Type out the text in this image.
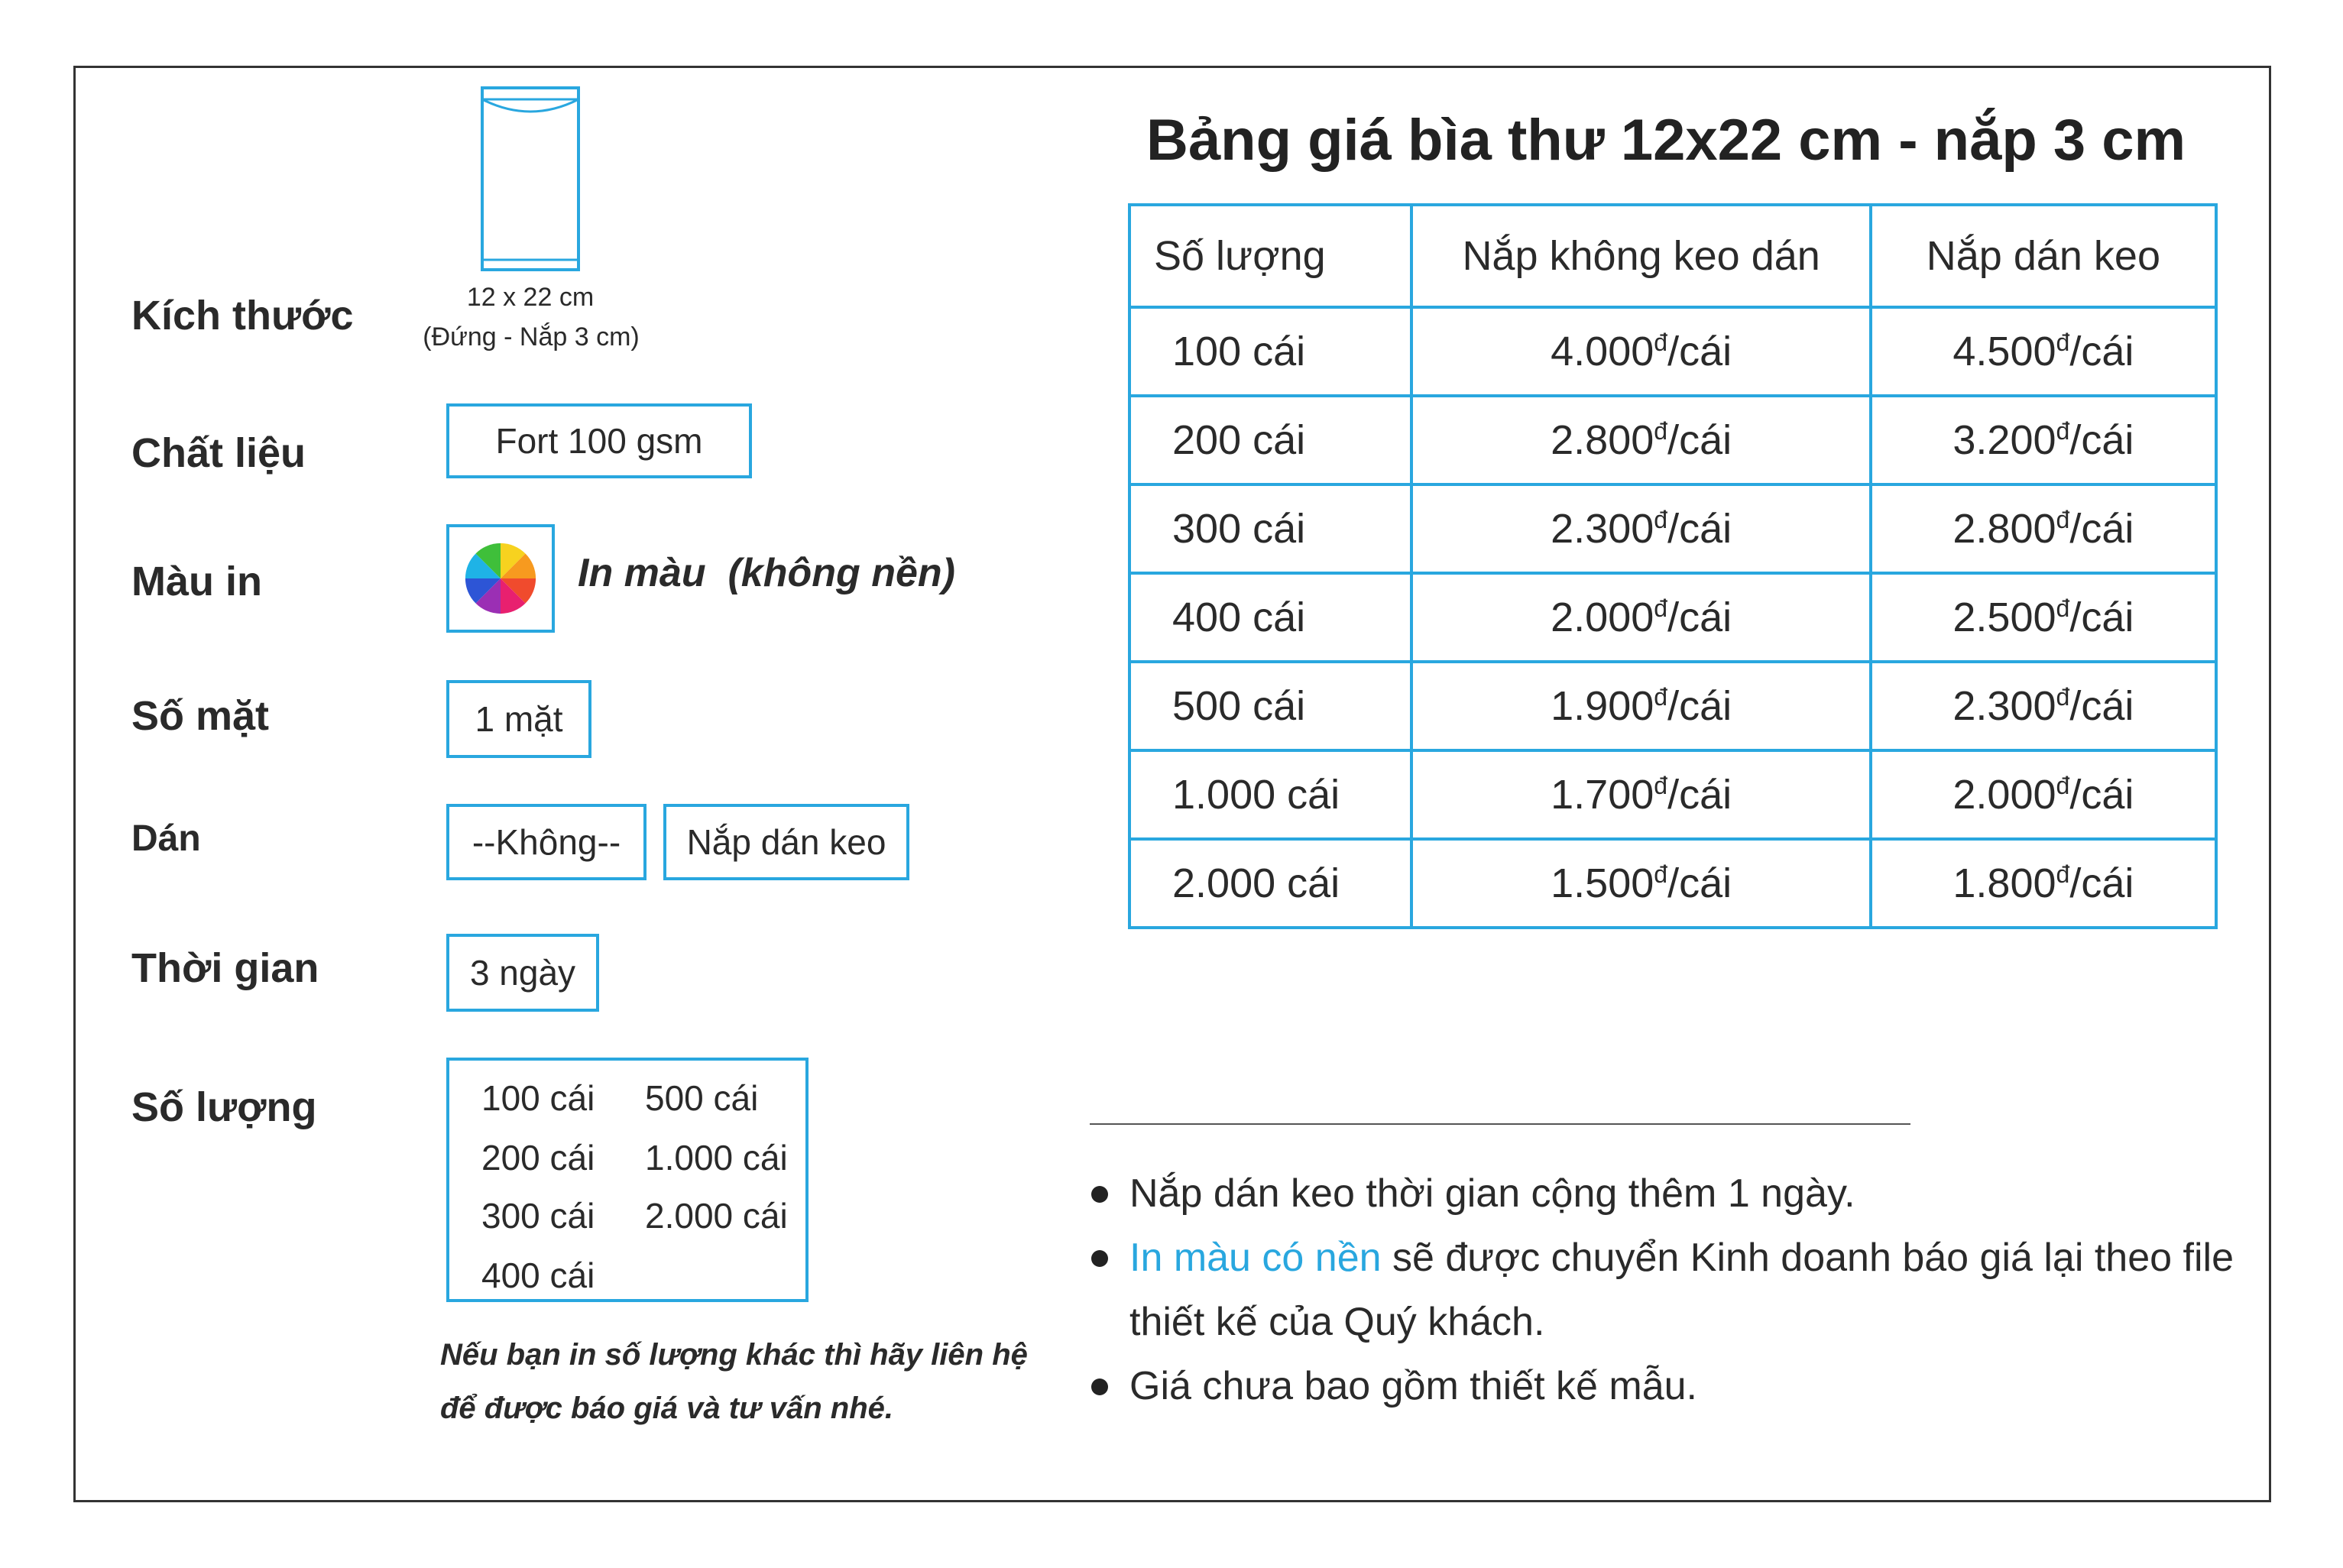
12 x 22 cm
(Đứng - Nắp 3 cm)
Kích thước
Chất liệu	Fort 100 gsm
Màu in	In màu  (không nền)
Số mặt	1 mặt
Dán	--Không--	Nắp dán keo
Thời gian	3 ngày
Số lượng	100 cái
200 cái
300 cái
400 cái
500 cái
1.000 cái
2.000 cái
Nếu bạn in số lượng khác thì hãy liên hệ
để được báo giá và tư vấn nhé.
Bảng giá bìa thư 12x22 cm - nắp 3 cm
Số lượng	Nắp không keo dán	Nắp dán keo
100 cái	$4.000^đ$/cái	$4.500^đ$/cái
200 cái	$2.800^đ$/cái	$3.200^đ$/cái
300 cái	$2.300^đ$/cái	$2.800^đ$/cái
400 cái	$2.000^đ$/cái	$2.500^đ$/cái
500 cái	$1.900^đ$/cái	$2.300^đ$/cái
1.000 cái	$1.700^đ$/cái	$2.000^đ$/cái
2.000 cái	$1.500^đ$/cái	$1.800^đ$/cái
Nắp dán keo thời gian cộng thêm 1 ngày.
In màu có nền sẽ được chuyển Kinh doanh báo giá lại theo file thiết kế của Quý khách.
Giá chưa bao gồm thiết kế mẫu.
